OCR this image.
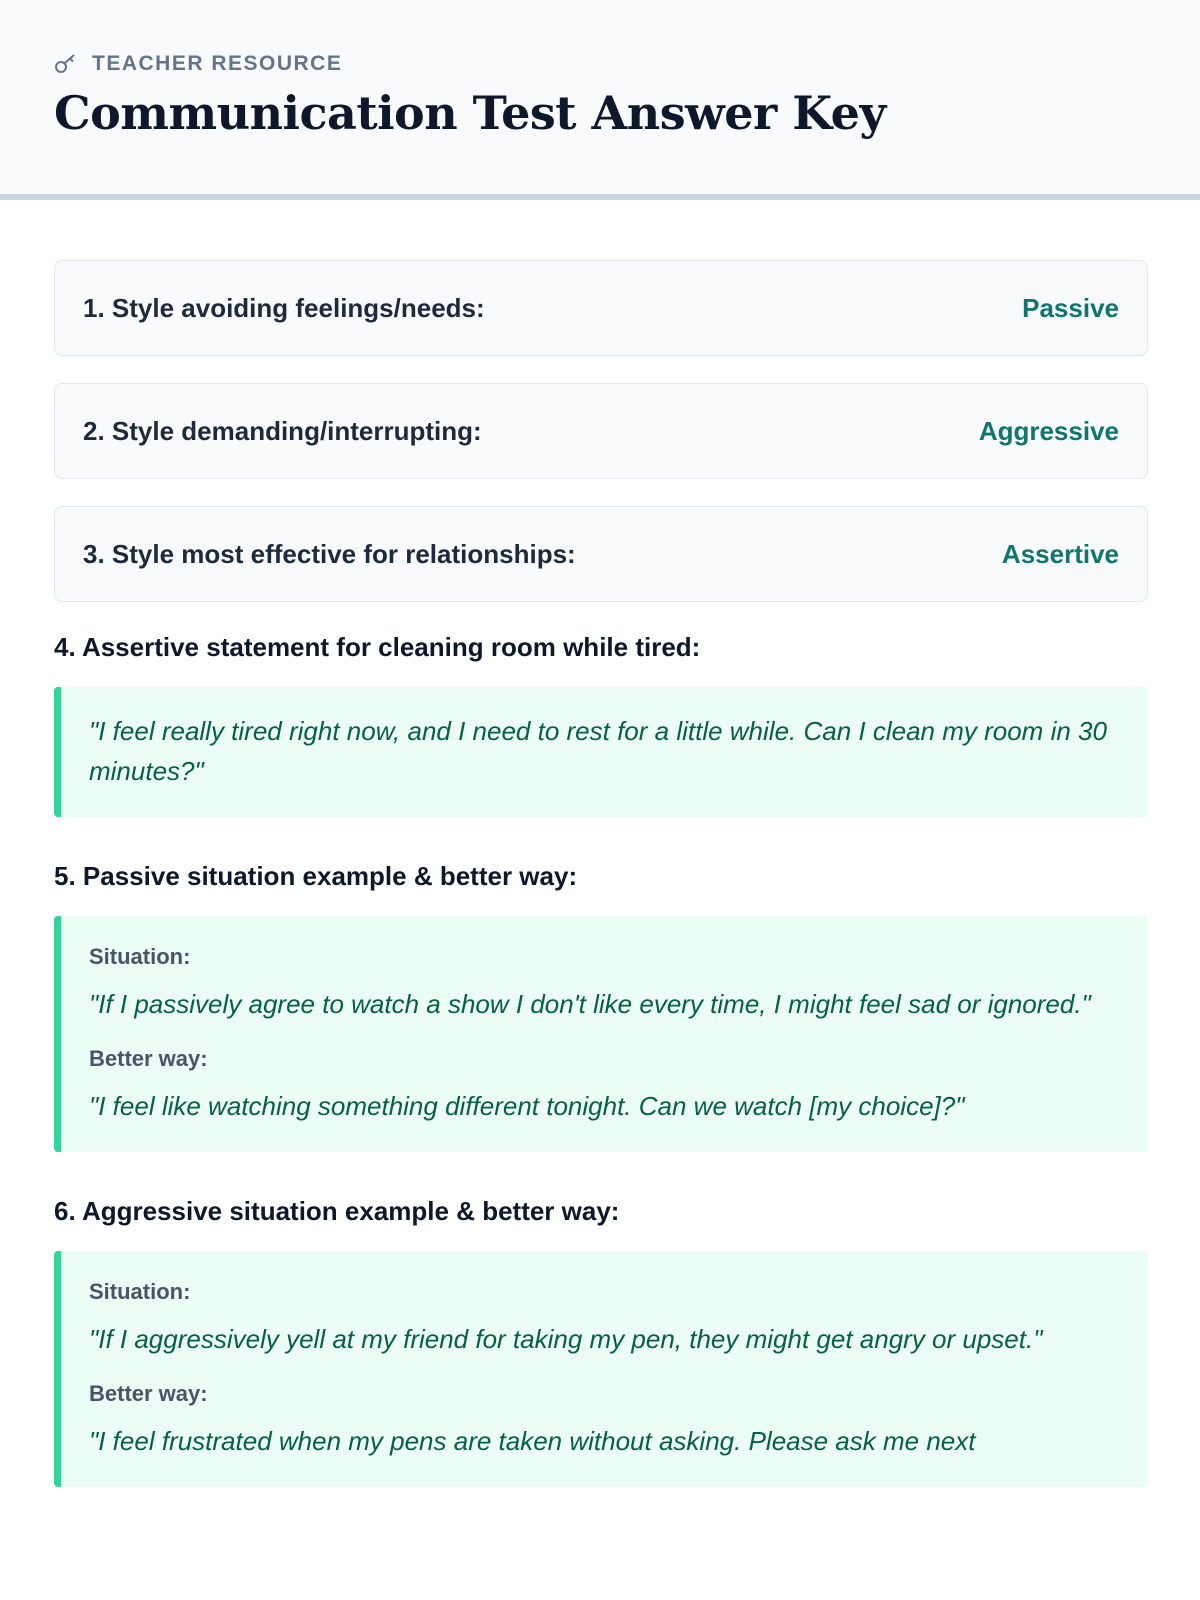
TEACHER RESOURCE
Communication Test Answer Key
1. Style avoiding feelings/needs:	Passive
2. Style demanding/interrupting:	Aggressive
3. Style most effective for relationships:	Assertive
4. Assertive statement for cleaning room while tired:

"I feel really tired right now, and I need to rest for a little while. Can I clean my room in 30 minutes?"

5. Passive situation example & better way:
Situation:

"If I passively agree to watch a show I don't like every time, I might feel sad or ignored."

Better way:

"I feel like watching something different tonight. Can we watch [my choice]?"

6. Aggressive situation example & better way:
Situation:

"If I aggressively yell at my friend for taking my pen, they might get angry or upset."

Better way:

"I feel frustrated when my pens are taken without asking. Please ask me next
